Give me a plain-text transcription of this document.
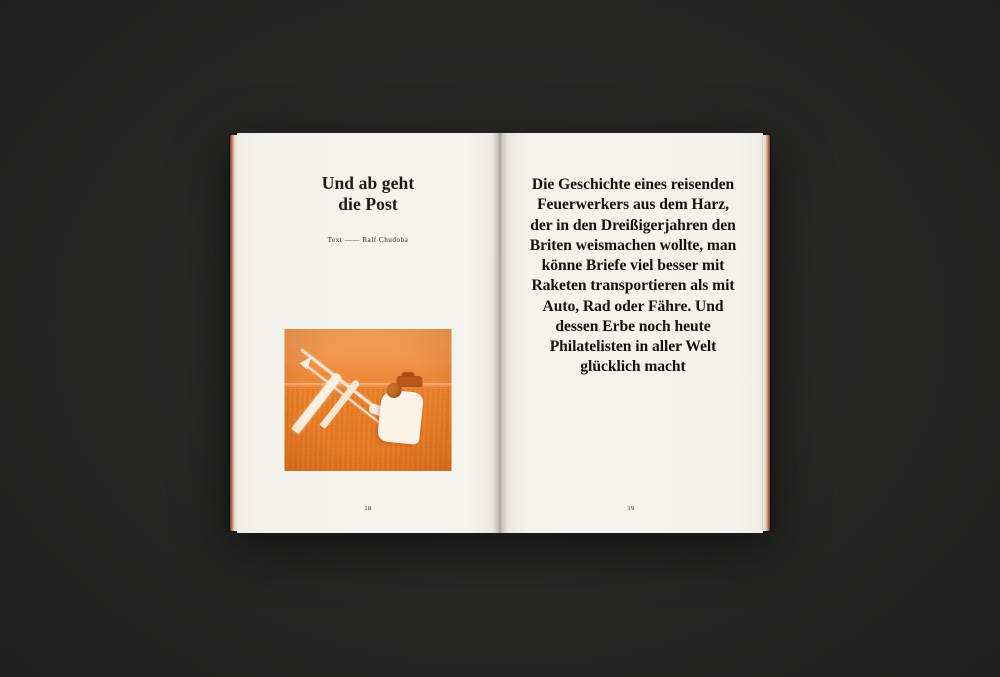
Und ab geht
die Post
Text —— Ralf Chudoba
18

Die Geschichte eines reisenden Feuerwerkers aus dem Harz, der in den Dreißigerjahren den Briten weismachen wollte, man könne Briefe viel besser mit Raketen transportieren als mit Auto, Rad oder Fähre. Und dessen Erbe noch heute Philatelisten in aller Welt glücklich macht

19
